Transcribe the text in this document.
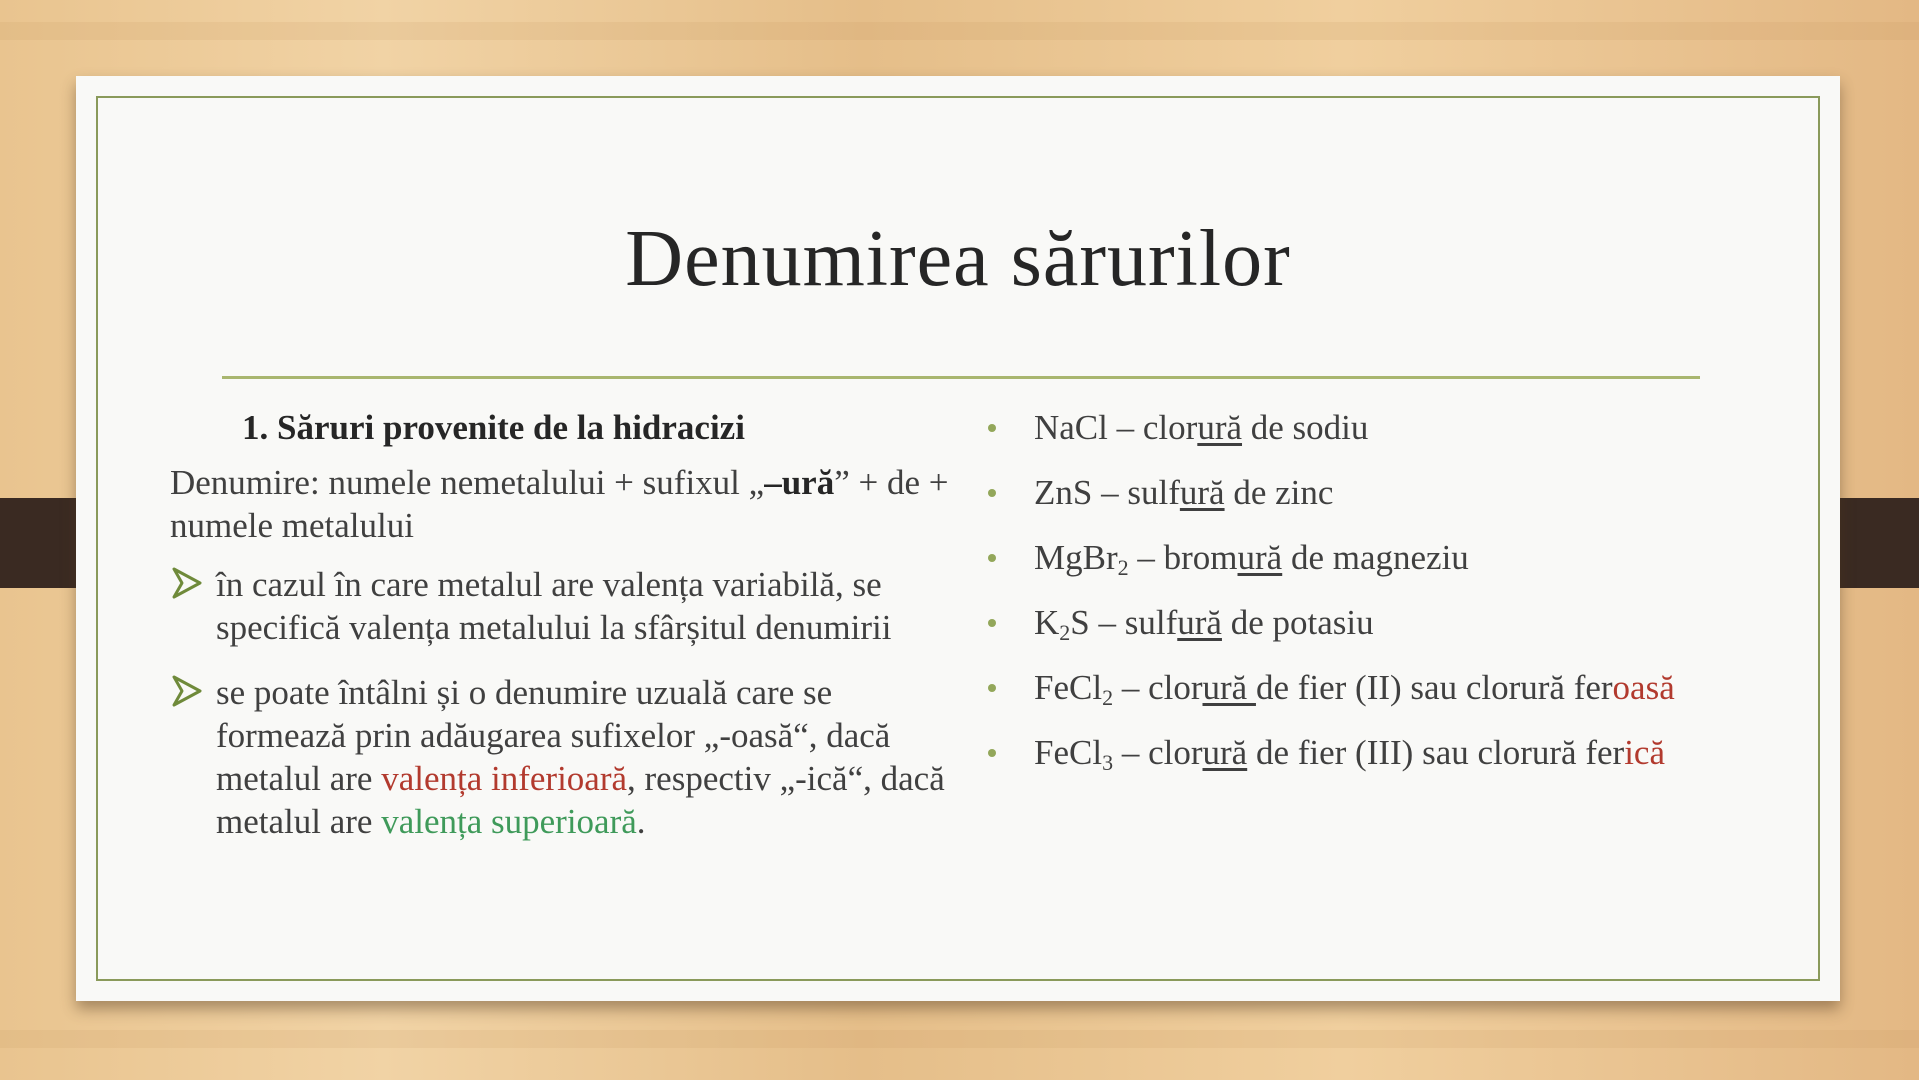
Denumirea sărurilor
1. Săruri provenite de la hidracizi
Denumire: numele nemetalului + sufixul „–ură” + de + numele metalului
în cazul în care metalul are valența variabilă, se specifică valența metalului la sfârșitul denumirii
se poate întâlni și o denumire uzuală care se formează prin adăugarea sufixelor „-oasă“, dacă metalul are valența inferioară, respectiv „-ică“, dacă metalul are valența superioară.
NaCl – clorură de sodiu
ZnS – sulfură de zinc
MgBr$_2$ – bromură de magneziu
$K_2S$ – sulfură de potasiu
FeCl$_2$ – clorură de fier (II) sau clorură feroasă
FeCl$_3$ – clorură de fier (III) sau clorură ferică
